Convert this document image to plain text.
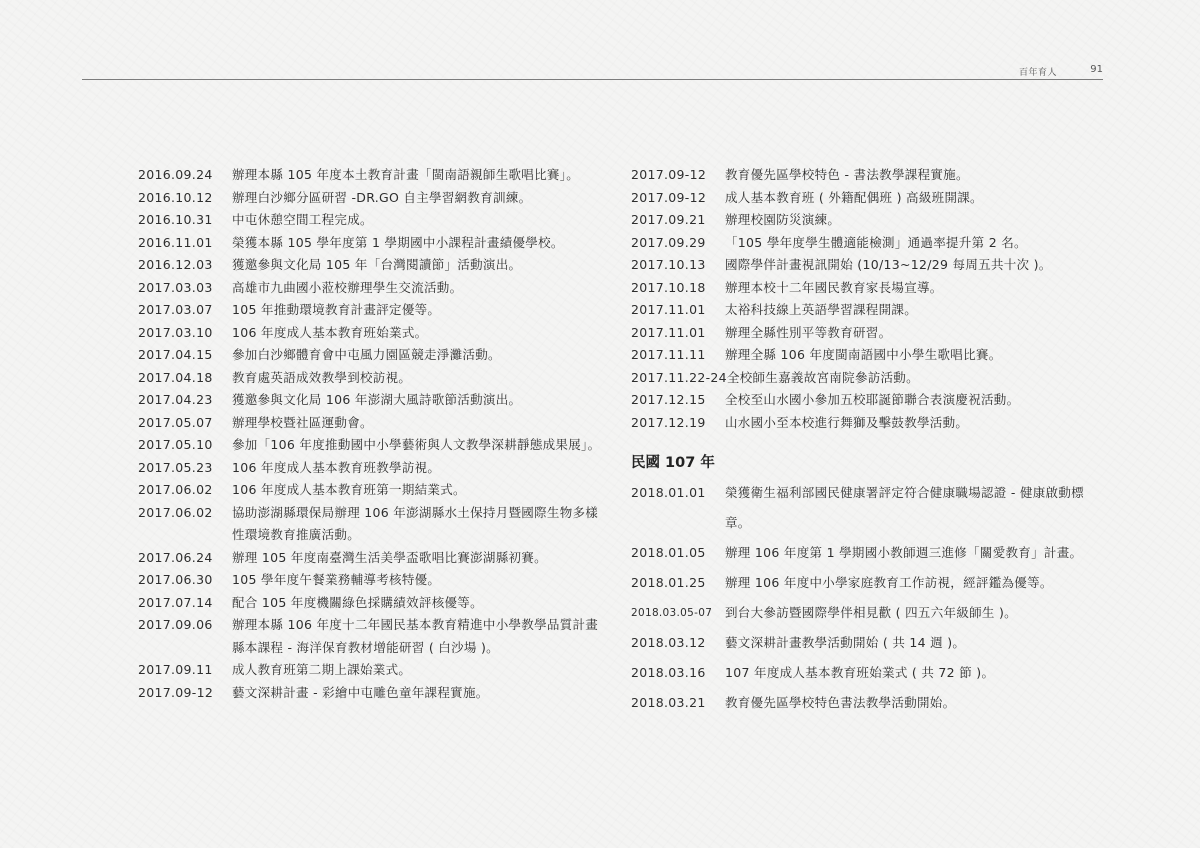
百年育人	91
2016.09.24	辦理本縣 105 年度本土教育計畫「閩南語親師生歌唱比賽」。
2016.10.12	辦理白沙鄉分區研習 -DR.GO 自主學習網教育訓練。
2016.10.31	中屯休憩空間工程完成。
2016.11.01	榮獲本縣 105 學年度第 1 學期國中小課程計畫績優學校。
2016.12.03	獲邀參與文化局 105 年「台灣閱讀節」活動演出。
2017.03.03	高雄市九曲國小蒞校辦理學生交流活動。
2017.03.07	105 年推動環境教育計畫評定優等。
2017.03.10	106 年度成人基本教育班始業式。
2017.04.15	參加白沙鄉體育會中屯風力園區競走淨灘活動。
2017.04.18	教育處英語成效教學到校訪視。
2017.04.23	獲邀參與文化局 106 年澎湖大風詩歌節活動演出。
2017.05.07	辦理學校暨社區運動會。
2017.05.10	參加「106 年度推動國中小學藝術與人文教學深耕靜態成果展」。
2017.05.23	106 年度成人基本教育班教學訪視。
2017.06.02	106 年度成人基本教育班第一期結業式。
2017.06.02	協助澎湖縣環保局辦理 106 年澎湖縣水土保持月暨國際生物多樣性環境教育推廣活動。
2017.06.24	辦理 105 年度南臺灣生活美學盃歌唱比賽澎湖縣初賽。
2017.06.30	105 學年度午餐業務輔導考核特優。
2017.07.14	配合 105 年度機關綠色採購績效評核優等。
2017.09.06	辦理本縣 106 年度十二年國民基本教育精進中小學教學品質計畫縣本課程 - 海洋保育教材增能研習 ( 白沙場 )。
2017.09.11	成人教育班第二期上課始業式。
2017.09-12	藝文深耕計畫 - 彩繪中屯雕色童年課程實施。
2017.09-12	教育優先區學校特色 - 書法教學課程實施。
2017.09-12	成人基本教育班 ( 外籍配偶班 ) 高級班開課。
2017.09.21	辦理校園防災演練。
2017.09.29	「105 學年度學生體適能檢測」通過率提升第 2 名。
2017.10.13	國際學伴計畫視訊開始 (10/13~12/29 每周五共十次 )。
2017.10.18	辦理本校十二年國民教育家長場宣導。
2017.11.01	太裕科技線上英語學習課程開課。
2017.11.01	辦理全縣性別平等教育研習。
2017.11.11	辦理全縣 106 年度閩南語國中小學生歌唱比賽。
2017.11.22-24 全校師生嘉義故宮南院參訪活動。
2017.12.15	全校至山水國小參加五校耶誕節聯合表演慶祝活動。
2017.12.19	山水國小至本校進行舞獅及擊鼓教學活動。
民國 107 年
2018.01.01	榮獲衛生福利部國民健康署評定符合健康職場認證 - 健康啟動標章。
2018.01.05	辦理 106 年度第 1 學期國小教師週三進修「關愛教育」計畫。
2018.01.25	辦理 106 年度中小學家庭教育工作訪視，經評鑑為優等。
2018.03.05-07	到台大參訪暨國際學伴相見歡 ( 四五六年級師生 )。
2018.03.12	藝文深耕計畫教學活動開始 ( 共 14 週 )。
2018.03.16	107 年度成人基本教育班始業式 ( 共 72 節 )。
2018.03.21	教育優先區學校特色書法教學活動開始。
